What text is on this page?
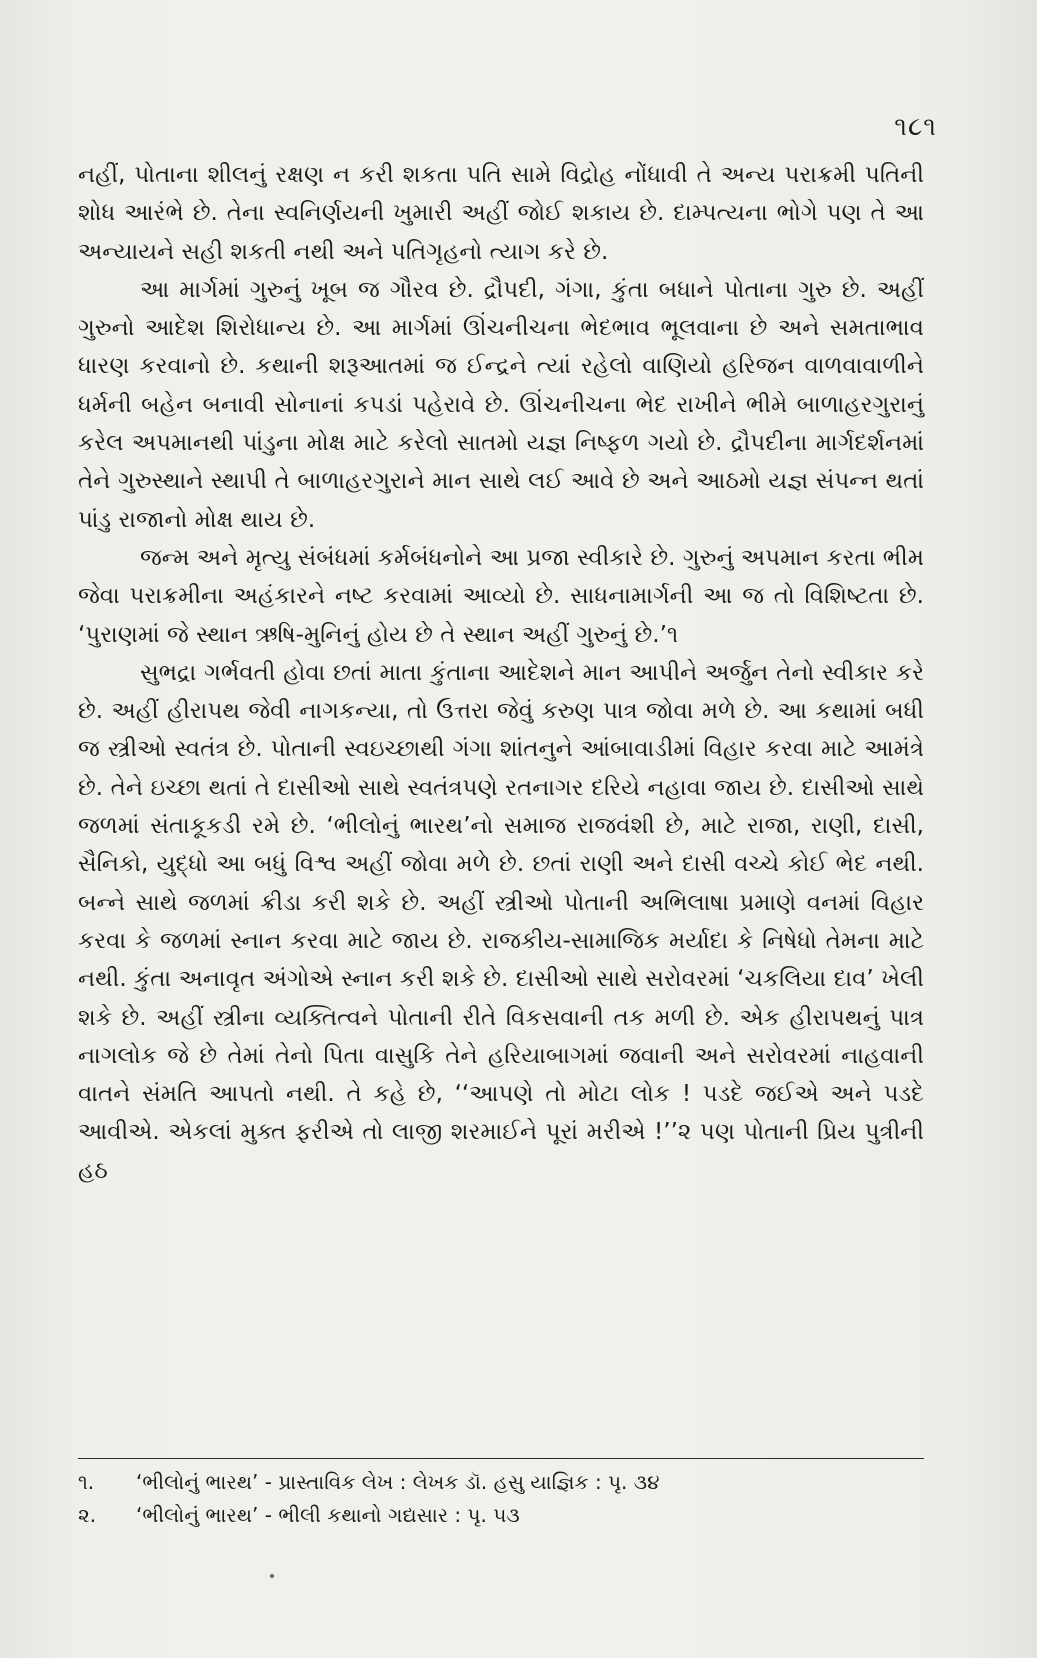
૧૮૧

નહીં, પોતાના શીલનું રક્ષણ ન કરી શકતા પતિ સામે વિદ્રોહ નોંધાવી તે અન્ય પરાક્રમી પતિની શોધ આરંભે છે. તેના સ્વનિર્ણયની ખુમારી અહીં જોઈ શકાય છે. દામ્પત્યના ભોગે પણ તે આ અન્યાયને સહી શકતી નથી અને પતિગૃહનો ત્યાગ કરે છે.

આ માર્ગમાં ગુરુનું ખૂબ જ ગૌરવ છે. દ્રૌપદી, ગંગા, કુંતા બધાને પોતાના ગુરુ છે. અહીં ગુરુનો આદેશ શિરોધાન્ય છે. આ માર્ગમાં ઊંચનીચના ભેદભાવ ભૂલવાના છે અને સમતાભાવ ધારણ કરવાનો છે. કથાની શરૂઆતમાં જ ઈન્દ્રને ત્યાં રહેલો વાણિયો હરિજન વાળવાવાળીને ધર્મની બહેન બનાવી સોનાનાં કપડાં પહેરાવે છે. ઊંચનીચના ભેદ રાખીને ભીમે બાળાહરગુરાનું કરેલ અપમાનથી પાંડુના મોક્ષ માટે કરેલો સાતમો યજ્ઞ નિષ્ફળ ગયો છે. દ્રૌપદીના માર્ગદર્શનમાં તેને ગુરુસ્થાને સ્થાપી તે બાળાહરગુરાને માન સાથે લઈ આવે છે અને આઠમો યજ્ઞ સંપન્ન થતાં પાંડુ રાજાનો મોક્ષ થાય છે.

જન્મ અને મૃત્યુ સંબંધમાં કર્મબંધનોને આ પ્રજા સ્વીકારે છે. ગુરુનું અપમાન કરતા ભીમ જેવા પરાક્રમીના અહંકારને નષ્ટ કરવામાં આવ્યો છે. સાધનામાર્ગની આ જ તો વિશિષ્ટતા છે. ‘પુરાણમાં જે સ્થાન ઋષિ-મુનિનું હોય છે તે સ્થાન અહીં ગુરુનું છે.’૧

સુભદ્રા ગર્ભવતી હોવા છતાં માતા કુંતાના આદેશને માન આપીને અર્જુન તેનો સ્વીકાર કરે છે. અહીં હીરાપથ જેવી નાગકન્યા, તો ઉત્તરા જેવું કરુણ પાત્ર જોવા મળે છે. આ કથામાં બધી જ સ્ત્રીઓ સ્વતંત્ર છે. પોતાની સ્વઇચ્છાથી ગંગા શાંતનુને આંબાવાડીમાં વિહાર કરવા માટે આમંત્રે છે. તેને ઇચ્છા થતાં તે દાસીઓ સાથે સ્વતંત્રપણે રતનાગર દરિયે નહાવા જાય છે. દાસીઓ સાથે જળમાં સંતાકૂકડી રમે છે. ‘ભીલોનું ભારથ’નો સમાજ રાજવંશી છે, માટે રાજા, રાણી, દાસી, સૈનિકો, યુદ્ધો આ બધું વિશ્વ અહીં જોવા મળે છે. છતાં રાણી અને દાસી વચ્ચે કોઈ ભેદ નથી. બન્ને સાથે જળમાં ક્રીડા કરી શકે છે. અહીં સ્ત્રીઓ પોતાની અભિલાષા પ્રમાણે વનમાં વિહાર કરવા કે જળમાં સ્નાન કરવા માટે જાય છે. રાજકીય-સામાજિક મર્યાદા કે નિષેધો તેમના માટે નથી. કુંતા અનાવૃત અંગોએ સ્નાન કરી શકે છે. દાસીઓ સાથે સરોવરમાં ‘ચકલિયા દાવ’ ખેલી શકે છે. અહીં સ્ત્રીના વ્યક્તિત્વને પોતાની રીતે વિકસવાની તક મળી છે. એક હીરાપથનું પાત્ર નાગલોક જે છે તેમાં તેનો પિતા વાસુકિ તેને હરિયાબાગમાં જવાની અને સરોવરમાં નાહવાની વાતને સંમતિ આપતો નથી. તે કહે છે, ‘‘આપણે તો મોટા લોક ! પડદે જઈએ અને પડદે આવીએ. એકલાં મુક્ત ફરીએ તો લાજી શરમાઈને પૂરાં મરીએ !’’૨ પણ પોતાની પ્રિય પુત્રીની હઠ

૧.	‘ભીલોનું ભારથ’ - પ્રાસ્તાવિક લેખ : લેખક ડૉ. હસુ યાજ્ઞિક : પૃ. ૩૪
૨.	‘ભીલોનું ભારથ’ - ભીલી કથાનો ગદ્યસાર : પૃ. ૫૩
